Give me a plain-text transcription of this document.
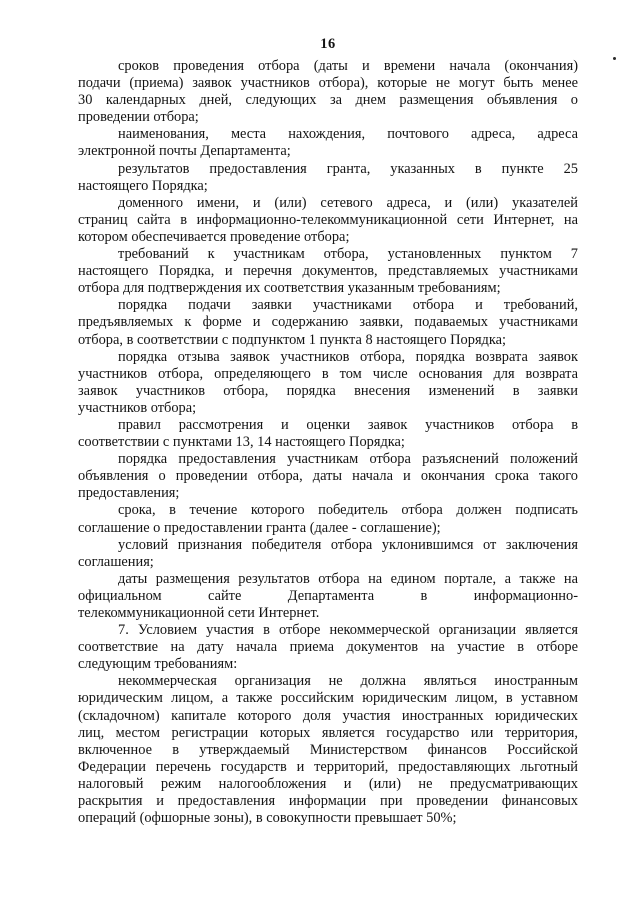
16
сроков проведения отбора (даты и времени начала (окончания)
подачи (приема) заявок участников отбора), которые не могут быть менее
30 календарных дней, следующих за днем размещения объявления о
проведении отбора;
наименования, места нахождения, почтового адреса, адреса
электронной почты Департамента;
результатов предоставления гранта, указанных в пункте 25
настоящего Порядка;
доменного имени, и (или) сетевого адреса, и (или) указателей
страниц сайта в информационно-телекоммуникационной сети Интернет, на
котором обеспечивается проведение отбора;
требований к участникам отбора, установленных пунктом 7
настоящего Порядка, и перечня документов, представляемых участниками
отбора для подтверждения их соответствия указанным требованиям;
порядка подачи заявки участниками отбора и требований,
предъявляемых к форме и содержанию заявки, подаваемых участниками
отбора, в соответствии с подпунктом 1 пункта 8 настоящего Порядка;
порядка отзыва заявок участников отбора, порядка возврата заявок
участников отбора, определяющего в том числе основания для возврата
заявок участников отбора, порядка внесения изменений в заявки
участников отбора;
правил рассмотрения и оценки заявок участников отбора в
соответствии с пунктами 13, 14 настоящего Порядка;
порядка предоставления участникам отбора разъяснений положений
объявления о проведении отбора, даты начала и окончания срока такого
предоставления;
срока, в течение которого победитель отбора должен подписать
соглашение о предоставлении гранта (далее - соглашение);
условий признания победителя отбора уклонившимся от заключения
соглашения;
даты размещения результатов отбора на едином портале, а также на
официальном сайте Департамента в информационно-
телекоммуникационной сети Интернет.
7. Условием участия в отборе некоммерческой организации является
соответствие на дату начала приема документов на участие в отборе
следующим требованиям:
некоммерческая организация не должна являться иностранным
юридическим лицом, а также российским юридическим лицом, в уставном
(складочном) капитале которого доля участия иностранных юридических
лиц, местом регистрации которых является государство или территория,
включенное в утверждаемый Министерством финансов Российской
Федерации перечень государств и территорий, предоставляющих льготный
налоговый режим налогообложения и (или) не предусматривающих
раскрытия и предоставления информации при проведении финансовых
операций (офшорные зоны), в совокупности превышает 50%;
